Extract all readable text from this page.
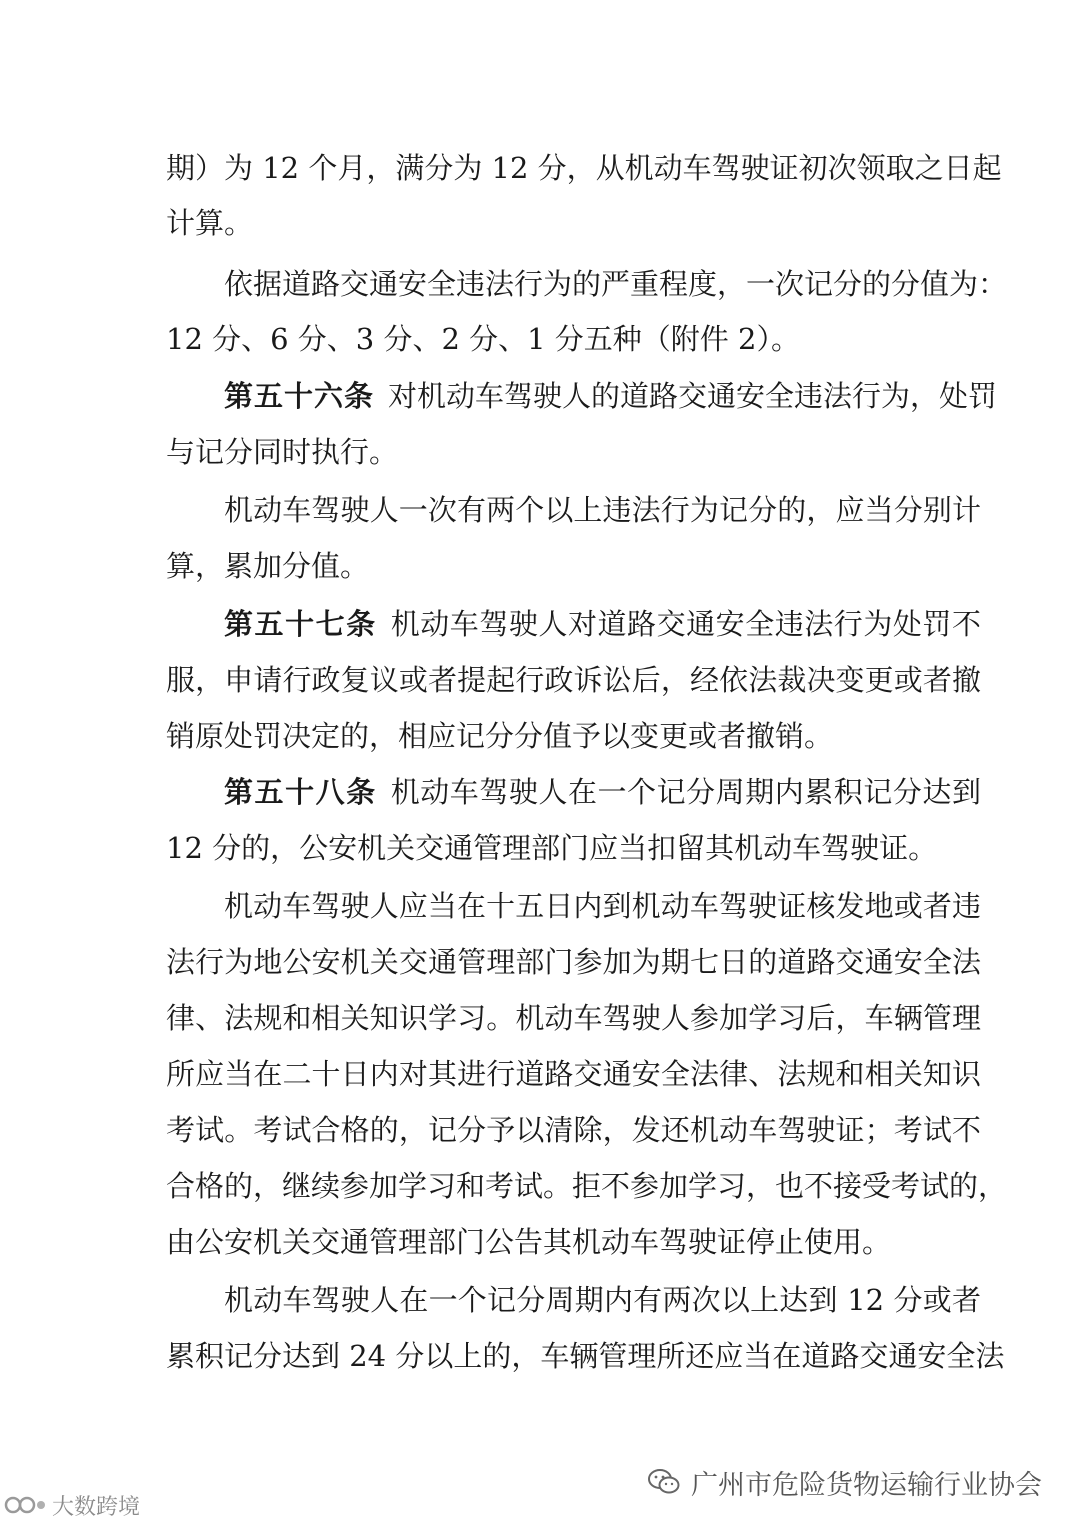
期）为 12 个月，满分为 12 分，从机动车驾驶证初次领取之日起
计算。
依据道路交通安全违法行为的严重程度，一次记分的分值为：
12 分、6 分、3 分、2 分、1 分五种（附件 2）。
第五十六条 对机动车驾驶人的道路交通安全违法行为，处罚
与记分同时执行。
机动车驾驶人一次有两个以上违法行为记分的，应当分别计
算，累加分值。
第五十七条 机动车驾驶人对道路交通安全违法行为处罚不
服，申请行政复议或者提起行政诉讼后，经依法裁决变更或者撤
销原处罚决定的，相应记分分值予以变更或者撤销。
第五十八条 机动车驾驶人在一个记分周期内累积记分达到
12 分的，公安机关交通管理部门应当扣留其机动车驾驶证。
机动车驾驶人应当在十五日内到机动车驾驶证核发地或者违
法行为地公安机关交通管理部门参加为期七日的道路交通安全法
律、法规和相关知识学习。机动车驾驶人参加学习后，车辆管理
所应当在二十日内对其进行道路交通安全法律、法规和相关知识
考试。考试合格的，记分予以清除，发还机动车驾驶证；考试不
合格的，继续参加学习和考试。拒不参加学习，也不接受考试的，
由公安机关交通管理部门公告其机动车驾驶证停止使用。
机动车驾驶人在一个记分周期内有两次以上达到 12 分或者
累积记分达到 24 分以上的，车辆管理所还应当在道路交通安全法
广州市危险货物运输行业协会
大数跨境
